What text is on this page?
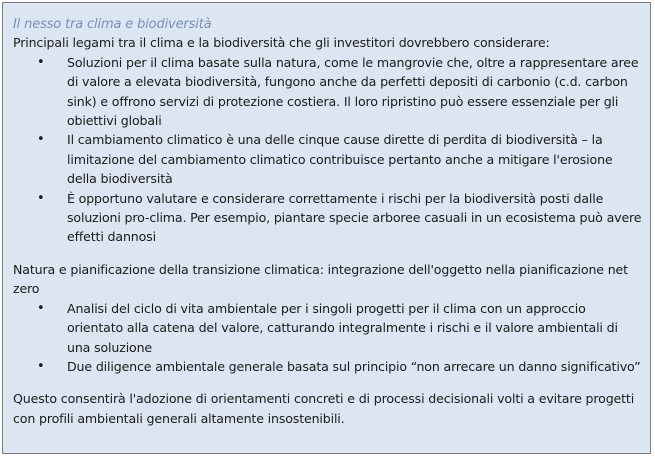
Il nesso tra clima e biodiversità

Principali legami tra il clima e la biodiversità che gli investitori dovrebbero considerare:

• Soluzioni per il clima basate sulla natura, come le mangrovie che, oltre a rappresentare aree di valore a elevata biodiversità, fungono anche da perfetti depositi di carbonio (c.d. carbon sink) e offrono servizi di protezione costiera. Il loro ripristino può essere essenziale per gli obiettivi globali
• Il cambiamento climatico è una delle cinque cause dirette di perdita di biodiversità – la limitazione del cambiamento climatico contribuisce pertanto anche a mitigare l'erosione della biodiversità
• È opportuno valutare e considerare correttamente i rischi per la biodiversità posti dalle soluzioni pro-clima. Per esempio, piantare specie arboree casuali in un ecosistema può avere effetti dannosi

Natura e pianificazione della transizione climatica: integrazione dell'oggetto nella pianificazione net zero

• Analisi del ciclo di vita ambientale per i singoli progetti per il clima con un approccio orientato alla catena del valore, catturando integralmente i rischi e il valore ambientali di una soluzione
• Due diligence ambientale generale basata sul principio “non arrecare un danno significativo”

Questo consentirà l'adozione di orientamenti concreti e di processi decisionali volti a evitare progetti con profili ambientali generali altamente insostenibili.
